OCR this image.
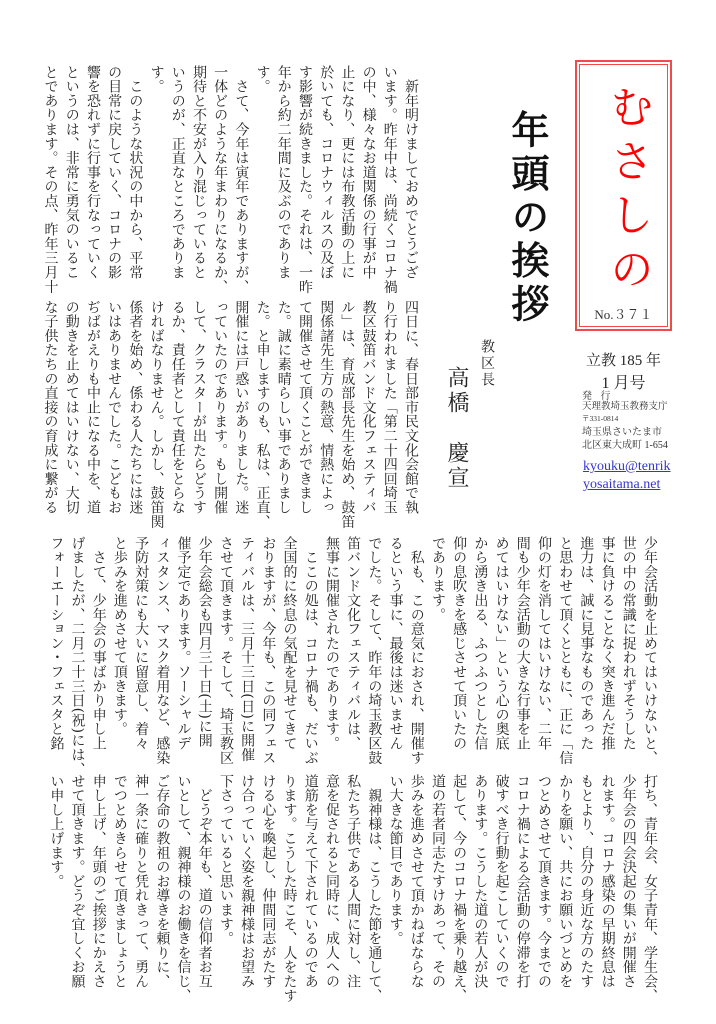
むさしの
No.３７１
立教 185 年
1 月号
発 行
天理教埼玉教務支庁
〒331-0814
埼玉県さいたま市
北区東大成町 1-654
kyouku@tenrik
yosaitama.net
年頭の挨拶
教区長
高橋　慶宣
　新年明けましておめでとうござ
います。昨年中は、尚続くコロナ禍
の中、様々なお道関係の行事が中
止になり、更には布教活動の上に
於いても、コロナウィルスの及ぼ
す影響が続きました。それは、一昨
年から約二年間に及ぶのでありま
す。
　さて、今年は寅年でありますが、
一体どのような年まわりになるか、
期待と不安が入り混じっていると
いうのが、正直なところでありま
す。
　このような状況の中から、平常
の目常に戻していく、コロナの影
響を恐れずに行事を行なっていく
というのは、非常に勇気のいるこ
とであります。その点、昨年三月十
四日に、春日部市民文化会館で執
り行われました「第二十四回埼玉
教区鼓笛バンド文化フェスティバ
ル」は、育成部長先生を始め、鼓笛
関係諸先生方の熱意、情熱によっ
て開催させて頂くことができまし
た。誠に素晴らしい事でありまし
た。と申しますのも、私は、正直、
開催には戸惑いがありました。迷
っていたのであります。もし開催
して、クラスターが出たらどうす
るか、責任者として責任をとらな
ければなりません。しかし、鼓笛関
係者を始め、係わる人たちには迷
いはありませんでした。こどもお
ぢばがえりも中止になる中を、道
の動きを止めてはいけない、大切
な子供たちの直接の育成に繋がる
少年会活動を止めてはいけないと、
世の中の常識に捉われずそうした
事に負けることなく突き進んだ推
進力は、誠に見事なものであった
と思わせて頂くとともに、正に「信
仰の灯を消してはいけない、二年
間も少年会活動の大きな行事を止
めてはいけない」という心の奥底
から湧き出る、ふつふつとした信
仰の息吹きを感じさせて頂いたの
であります。
　私も、この意気におされ、開催す
るという事に、最後は迷いません
でした。そして、昨年の埼玉教区鼓
笛バンド文化フェスティバルは、
無事に開催されたのであります。
　ここの処は、コロナ禍も、だいぶ
全国的に終息の気配を見せてきて
おりますが、今年も、この同フェス
ティバルは、三月十三日(日)に開催
させて頂きます。そして、埼玉教区
少年会総会も四月三十日(土)に開
催予定であります。ソーシャルデ
ィスタンス、マスク着用など、感染
予防対策にも大いに留意し、着々
と歩みを進めさせて頂きます。
　さて、少年会の事ばかり申し上
げましたが、二月二十三日(祝)には、
フォーエーション・フェスタと銘
打ち、青年会、女子青年、学生会、
少年会の四会決起の集いが開催さ
れます。コロナ感染の早期終息は
もとより、自分の身近な方のたす
かりを願い、共にお願いづとめを
つとめさせて頂きます。今までの
コロナ禍による会活動の停滞を打
破すべき行動を起こしていくので
あります。こうした道の若人が決
起して、今のコロナ禍を乗り越え、
道の若者同志たすけあって、その
歩みを進めさせて頂かねばならな
い大きな節目であります。
　親神様は、こうした節を通して、
私たち子供である人間に対し、注
意を促されると同時に、成人への
道筋を与えて下されているのであ
ります。こうした時こそ、人をたす
ける心を喚起し、仲間同志がたす
け合っていく姿を親神様はお望み
下さっていると思います。
　どうぞ本年も、道の信仰者お互
いとして、親神様のお働きを信じ、
ご存命の教祖のお導きを頼りに、
神一条に確りと凭れきって、勇ん
でつとめきらせて頂きましょうと
申し上げ、年頭のご挨拶にかえさ
せて頂きます。どうぞ宜しくお願
い申し上げます。
